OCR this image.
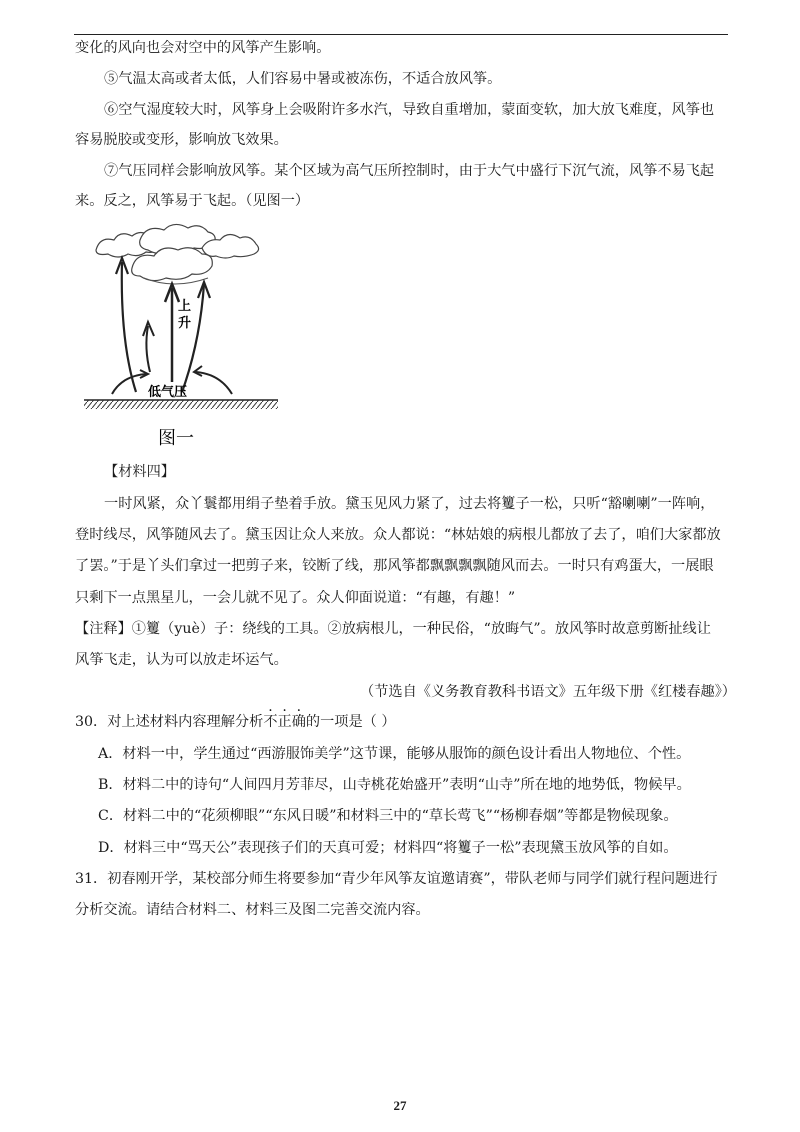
变化的风向也会对空中的风筝产生影响。
⑤气温太高或者太低，人们容易中暑或被冻伤，不适合放风筝。
⑥空气湿度较大时，风筝身上会吸附许多水汽，导致自重增加，蒙面变软，加大放飞难度，风筝也
容易脱胶或变形，影响放飞效果。
⑦气压同样会影响放风筝。某个区域为高气压所控制时，由于大气中盛行下沉气流，风筝不易飞起
来。反之，风筝易于飞起。（见图一）
上
升
低气压
图一
【材料四】
一时风紧，众丫鬟都用绢子垫着手放。黛玉见风力紧了，过去将籰子一松，只听“豁喇喇”一阵响，
登时线尽，风筝随风去了。黛玉因让众人来放。众人都说：“林姑娘的病根儿都放了去了，咱们大家都放
了罢。”于是丫头们拿过一把剪子来，铰断了线，那风筝都飘飘飘飘随风而去。一时只有鸡蛋大，一展眼
只剩下一点黑星儿，一会儿就不见了。众人仰面说道：“有趣，有趣！”
【注释】①籰（yuè）子：绕线的工具。②放病根儿，一种民俗，“放晦气”。放风筝时故意剪断扯线让
风筝飞走，认为可以放走坏运气。
（节选自《义务教育教科书语文》五年级下册《红楼春趣》）
30．对上述材料内容理解分析不正确的一项是（ ）
A．材料一中，学生通过“西游服饰美学”这节课，能够从服饰的颜色设计看出人物地位、个性。
B．材料二中的诗句“人间四月芳菲尽，山寺桃花始盛开”表明“山寺”所在地的地势低，物候早。
C．材料二中的“花须柳眼”“东风日暖”和材料三中的“草长莺飞”“杨柳春烟”等都是物候现象。
D．材料三中“骂天公”表现孩子们的天真可爱；材料四“将籰子一松”表现黛玉放风筝的自如。
31．初春刚开学，某校部分师生将要参加“青少年风筝友谊邀请赛”，带队老师与同学们就行程问题进行
分析交流。请结合材料二、材料三及图二完善交流内容。
27
